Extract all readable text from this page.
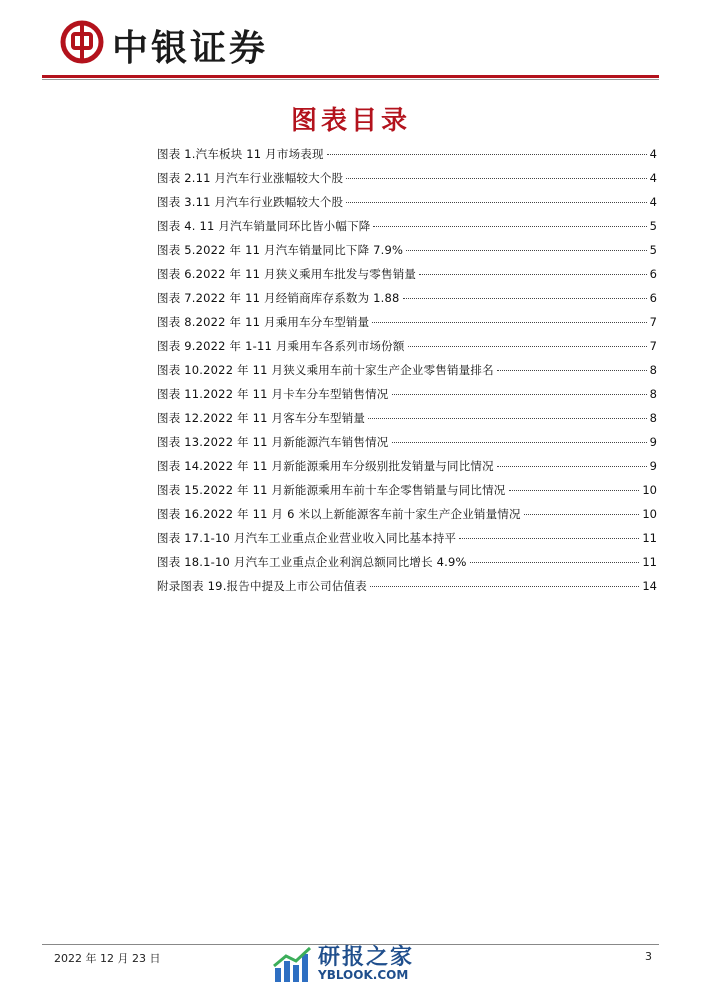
中银证券
图表目录
图表 1.汽车板块 11 月市场表现	4
图表 2.11 月汽车行业涨幅较大个股	4
图表 3.11 月汽车行业跌幅较大个股	4
图表 4. 11 月汽车销量同环比皆小幅下降	5
图表 5.2022 年 11 月汽车销量同比下降 7.9%	5
图表 6.2022 年 11 月狭义乘用车批发与零售销量	6
图表 7.2022 年 11 月经销商库存系数为 1.88	6
图表 8.2022 年 11 月乘用车分车型销量	7
图表 9.2022 年 1-11 月乘用车各系列市场份额	7
图表 10.2022 年 11 月狭义乘用车前十家生产企业零售销量排名	8
图表 11.2022 年 11 月卡车分车型销售情况	8
图表 12.2022 年 11 月客车分车型销量	8
图表 13.2022 年 11 月新能源汽车销售情况	9
图表 14.2022 年 11 月新能源乘用车分级别批发销量与同比情况	9
图表 15.2022 年 11 月新能源乘用车前十车企零售销量与同比情况	10
图表 16.2022 年 11 月 6 米以上新能源客车前十家生产企业销量情况	10
图表 17.1-10 月汽车工业重点企业营业收入同比基本持平	11
图表 18.1-10 月汽车工业重点企业利润总额同比增长 4.9%	11
附录图表 19.报告中提及上市公司估值表	14
2022 年 12 月 23 日	3
研报之家
YBLOOK.COM
